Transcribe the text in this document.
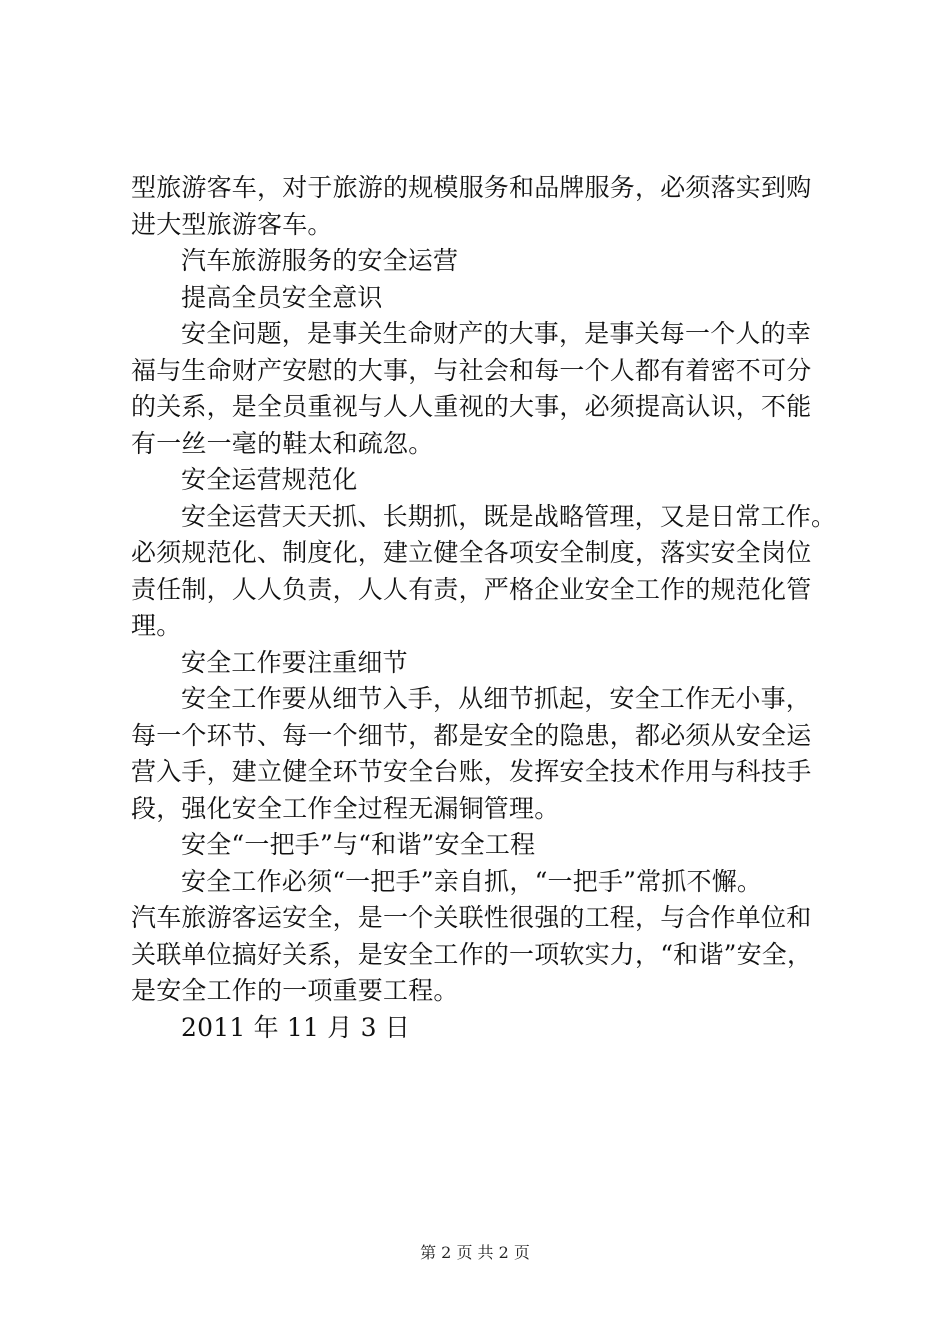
型旅游客车，对于旅游的规模服务和品牌服务，必须落实到购
进大型旅游客车。
汽车旅游服务的安全运营
提高全员安全意识
安全问题，是事关生命财产的大事，是事关每一个人的幸
福与生命财产安慰的大事，与社会和每一个人都有着密不可分
的关系，是全员重视与人人重视的大事，必须提高认识，不能
有一丝一毫的鞋太和疏忽。
安全运营规范化
安全运营天天抓、长期抓，既是战略管理，又是日常工作。
必须规范化、制度化，建立健全各项安全制度，落实安全岗位
责任制，人人负责，人人有责，严格企业安全工作的规范化管
理。
安全工作要注重细节
安全工作要从细节入手，从细节抓起，安全工作无小事，
每一个环节、每一个细节，都是安全的隐患，都必须从安全运
营入手，建立健全环节安全台账，发挥安全技术作用与科技手
段，强化安全工作全过程无漏铜管理。
安全“一把手”与“和谐”安全工程
安全工作必须“一把手”亲自抓，“一把手”常抓不懈。
汽车旅游客运安全，是一个关联性很强的工程，与合作单位和
关联单位搞好关系，是安全工作的一项软实力，“和谐”安全，
是安全工作的一项重要工程。
2011 年 11 月 3 日
第 2 页 共 2 页
